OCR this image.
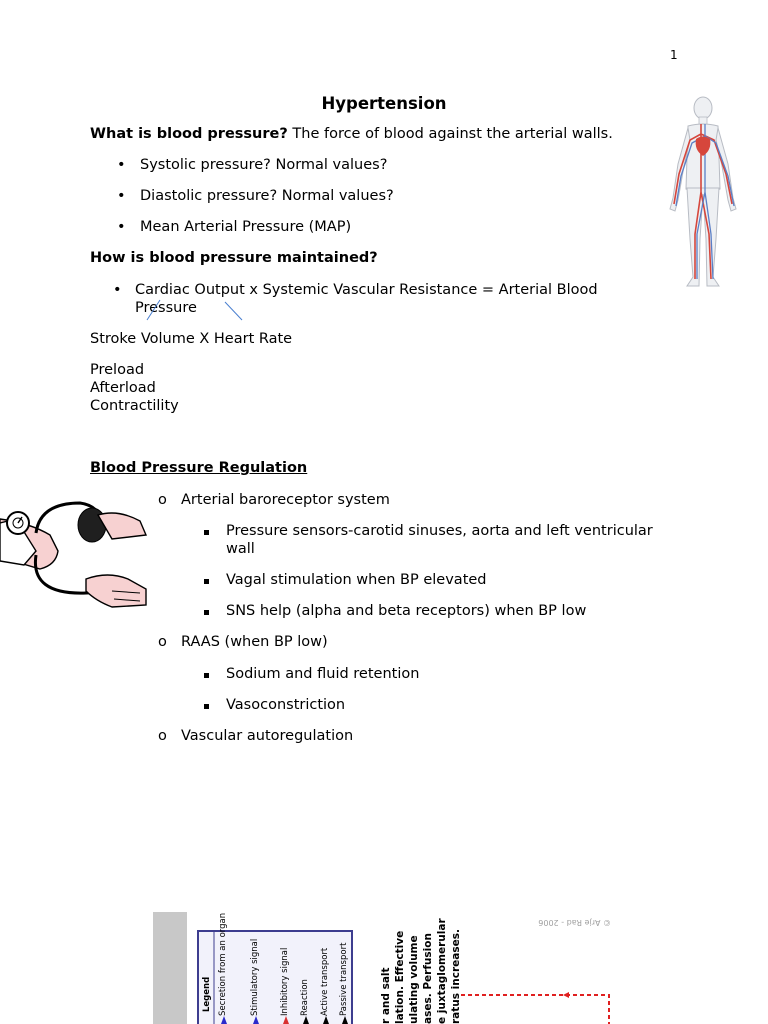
1
Hypertension
What is blood pressure? The force of blood against the arterial walls.
• Systolic pressure? Normal values?
• Diastolic pressure? Normal values?
• Mean Arterial Pressure (MAP)
How is blood pressure maintained?
• Cardiac Output x Systemic Vascular Resistance = Arterial Blood
Pressure
Stroke Volume X Heart Rate
Preload
Afterload
Contractility
Blood Pressure Regulation
o Arterial baroreceptor system
Pressure sensors-carotid sinuses, aorta and left ventricular
wall
Vagal stimulation when BP elevated
SNS help (alpha and beta receptors) when BP low
o RAAS (when BP low)
Sodium and fluid retention
Vasoconstriction
o Vascular autoregulation
Legend Secretion from an organ	Stimulatory signal Inhibitory signal Reaction Active transport Passive transport	r and salt lation. Effective ulating volume ases. Perfusion e juxtaglomerular ratus increases.
© Arje Rad - 2006
